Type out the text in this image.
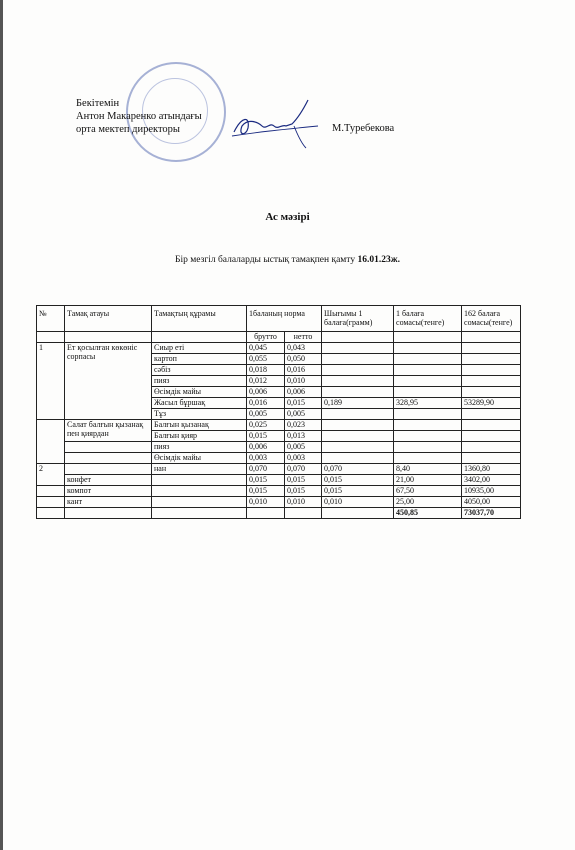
Бекітемін
Антон Макаренко атындағы
орта мектеп директоры	М.Туребекова
Ас мәзірі
Бір мезгіл балаларды ыстық тамақпен қамту 16.01.23ж.
№	Тамақ атауы	Тамақтың құрамы	1баланың норма		Шығымы 1 балаға(грамм)	1 балаға сомасы(тенге)	162 балаға сомасы(тенге)
			брутто	нетто			
1	Ет қосылған көкөніс сорпасы	Сиыр еті	0,045	0,043			
		картоп	0,055	0,050			
		сәбіз	0,018	0,016			
		пияз	0,012	0,010			
		Өсімдік майы	0,006	0,006			
		Жасыл бұршақ	0,016	0,015	0,189	328,95	53289,90
		Тұз	0,005	0,005			
	Салат балғын қызанақ пен қиярдан	Балғын қызанақ	0,025	0,023			
		Балғын қияр	0,015	0,013			
		пияз	0,006	0,005			
		Өсімдік майы	0,003	0,003			
2		нан	0,070	0,070	0,070	8,40	1360,80
	конфет		0,015	0,015	0,015	21,00	3402,00
	компот		0,015	0,015	0,015	67,50	10935,00
	кант		0,010	0,010	0,010	25,00	4050,00
						450,85	73037,70
